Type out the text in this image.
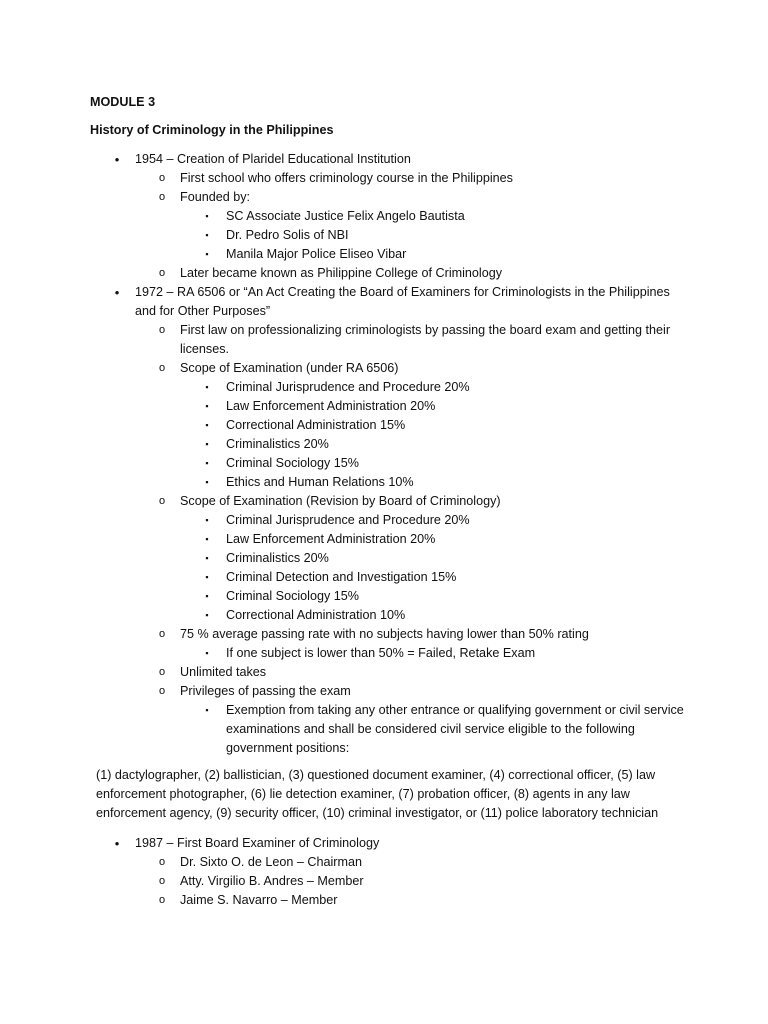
MODULE 3

History of Criminology in the Philippines

•	1954 – Creation of Plaridel Educational Institution
o	First school who offers criminology course in the Philippines
o	Founded by:
▪	SC Associate Justice Felix Angelo Bautista
▪	Dr. Pedro Solis of NBI
▪	Manila Major Police Eliseo Vibar
o	Later became known as Philippine College of Criminology
•	1972 – RA 6506 or “An Act Creating the Board of Examiners for Criminologists in the Philippines and for Other Purposes”
o	First law on professionalizing criminologists by passing the board exam and getting their licenses.
o	Scope of Examination (under RA 6506)
▪	Criminal Jurisprudence and Procedure 20%
▪	Law Enforcement Administration 20%
▪	Correctional Administration 15%
▪	Criminalistics 20%
▪	Criminal Sociology 15%
▪	Ethics and Human Relations 10%
o	Scope of Examination (Revision by Board of Criminology)
▪	Criminal Jurisprudence and Procedure 20%
▪	Law Enforcement Administration 20%
▪	Criminalistics 20%
▪	Criminal Detection and Investigation 15%
▪	Criminal Sociology 15%
▪	Correctional Administration 10%
o	75 % average passing rate with no subjects having lower than 50% rating
▪	If one subject is lower than 50% = Failed, Retake Exam
o	Unlimited takes
o	Privileges of passing the exam
▪	Exemption from taking any other entrance or qualifying government or civil service examinations and shall be considered civil service eligible to the following government positions:

(1) dactylographer, (2) ballistician, (3) questioned document examiner, (4) correctional officer, (5) law enforcement photographer, (6) lie detection examiner, (7) probation officer, (8) agents in any law enforcement agency, (9) security officer, (10) criminal investigator, or (11) police laboratory technician

•	1987 – First Board Examiner of Criminology
o	Dr. Sixto O. de Leon – Chairman
o	Atty. Virgilio B. Andres – Member
o	Jaime S. Navarro – Member
